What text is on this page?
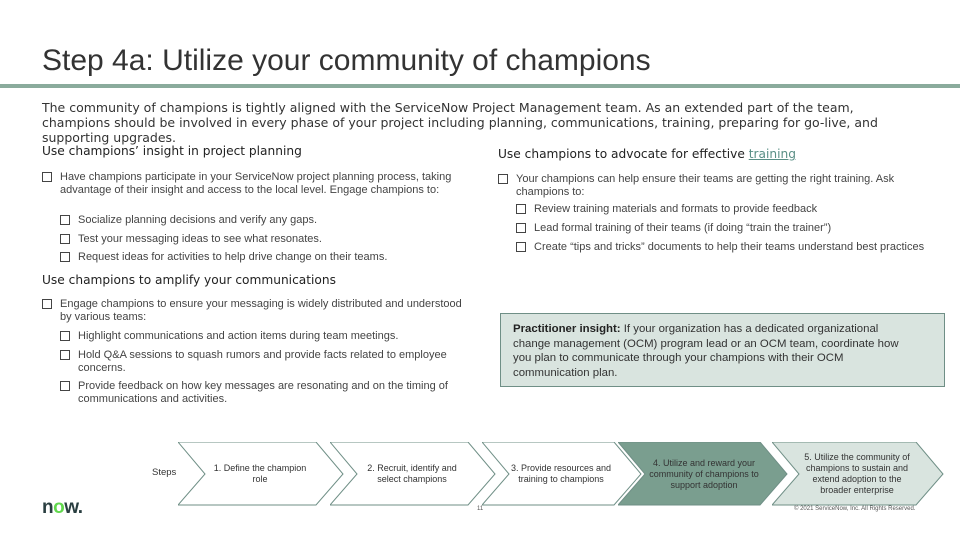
Step 4a: Utilize your community of champions
The community of champions is tightly aligned with the ServiceNow Project Management team. As an extended part of the team, champions should be involved in every phase of your project including planning, communications, training, preparing for go-live, and supporting upgrades.
Use champions’ insight in project planning
Have champions participate in your ServiceNow project planning process, taking advantage of their insight and access to the local level. Engage champions to:
Socialize planning decisions and verify any gaps.
Test your messaging ideas to see what resonates.
Request ideas for activities to help drive change on their teams.
Use champions to advocate for effective training
Your champions can help ensure their teams are getting the right training. Ask champions to:
Review training materials and formats to provide feedback
Lead formal training of their teams (if doing “train the trainer”)
Create “tips and tricks” documents to help their teams understand best practices
Use champions to amplify your communications
Engage champions to ensure your messaging is widely distributed and understood by various teams:
Highlight communications and action items during team meetings.
Hold Q&A sessions to squash rumors and provide facts related to employee concerns.
Provide feedback on how key messages are resonating and on the timing of communications and activities.
Practitioner insight: If your organization has a dedicated organizational change management (OCM) program lead or an OCM team, coordinate how you plan to communicate through your champions with their OCM communication plan.
Steps	1. Define the champion role
2. Recruit, identify and select champions
3. Provide resources and training to champions
4. Utilize and reward your community of champions to support adoption
5. Utilize the community of champions to sustain and extend adoption to the broader enterprise
now.	11	© 2021 ServiceNow, Inc. All Rights Reserved.
